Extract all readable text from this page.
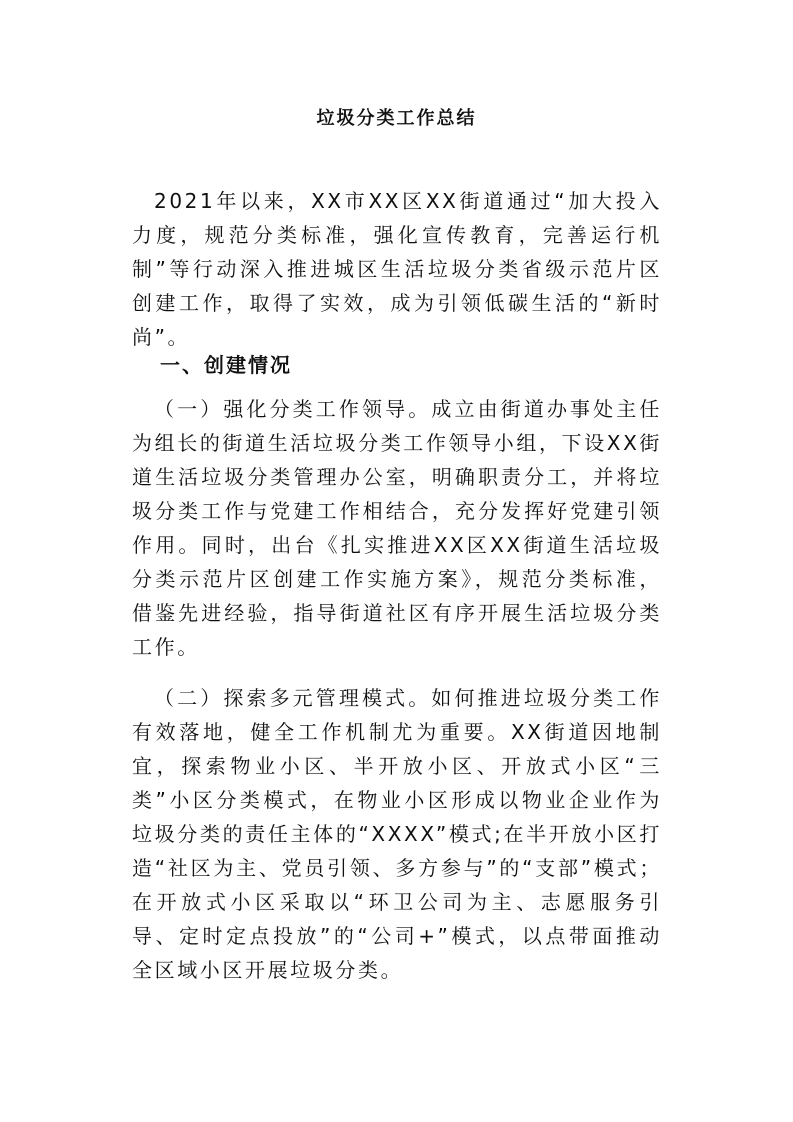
垃圾分类工作总结
2021年以来，XX市XX区XX街道通过“加大投入力度，规范分类标准，强化宣传教育，完善运行机制”等行动深入推进城区生活垃圾分类省级示范片区创建工作，取得了实效，成为引领低碳生活的“新时尚”。
一、创建情况
（一）强化分类工作领导。成立由街道办事处主任为组长的街道生活垃圾分类工作领导小组，下设XX街道生活垃圾分类管理办公室，明确职责分工，并将垃圾分类工作与党建工作相结合，充分发挥好党建引领作用。同时，出台《扎实推进XX区XX街道生活垃圾分类示范片区创建工作实施方案》，规范分类标准，借鉴先进经验，指导街道社区有序开展生活垃圾分类工作。
（二）探索多元管理模式。如何推进垃圾分类工作有效落地，健全工作机制尤为重要。XX街道因地制宜，探索物业小区、半开放小区、开放式小区“三类”小区分类模式，在物业小区形成以物业企业作为垃圾分类的责任主体的“XXXX”模式;在半开放小区打造“社区为主、党员引领、多方参与”的“支部”模式；在开放式小区采取以“环卫公司为主、志愿服务引导、定时定点投放”的“公司+”模式，以点带面推动全区域小区开展垃圾分类。
